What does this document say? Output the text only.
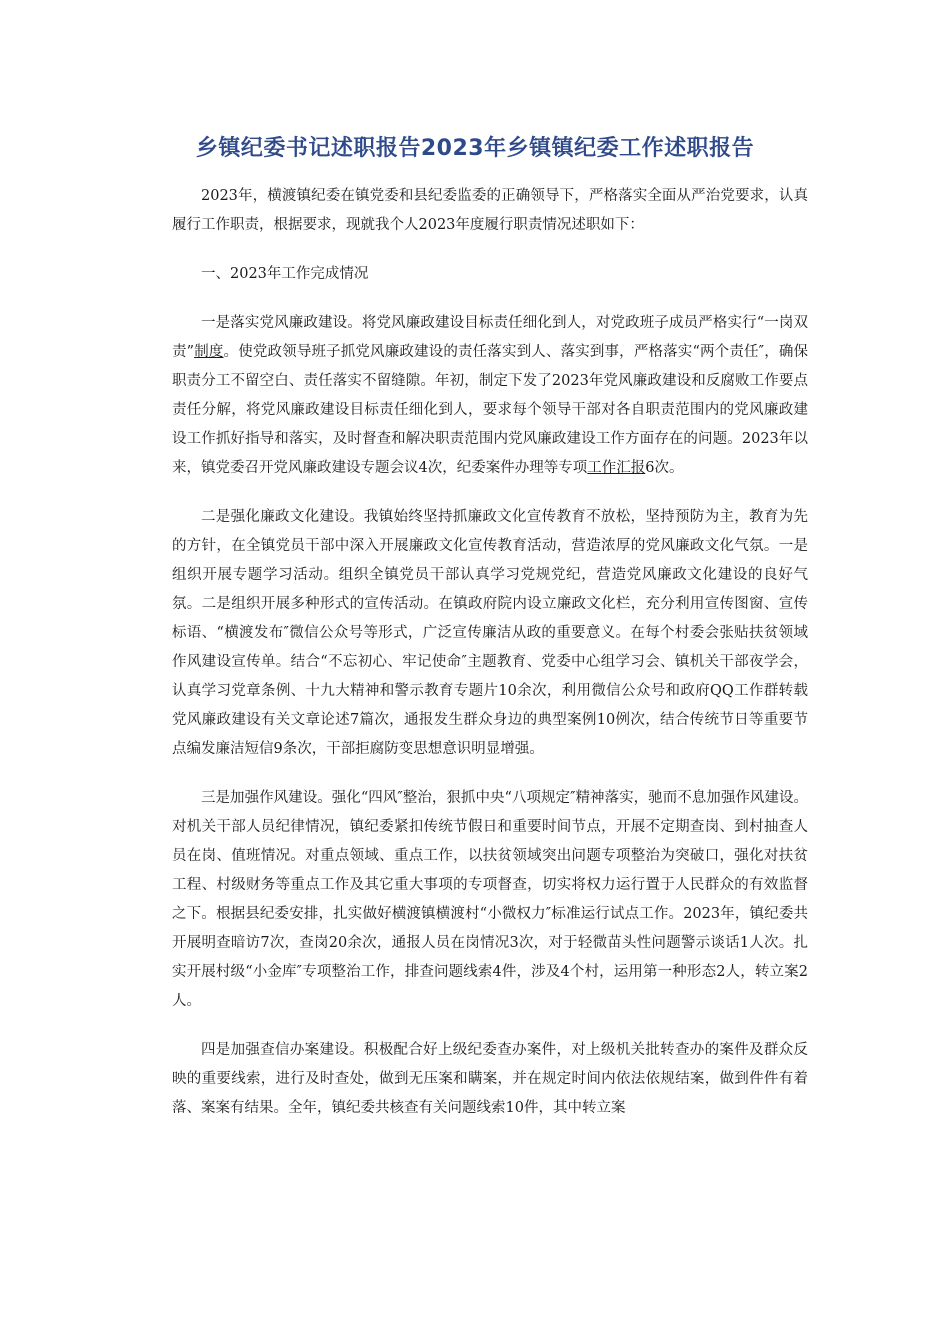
乡镇纪委书记述职报告2023年乡镇镇纪委工作述职报告

2023年，横渡镇纪委在镇党委和县纪委监委的正确领导下，严格落实全面从严治党要求，认真履行工作职责，根据要求，现就我个人2023年度履行职责情况述职如下：

一、2023年工作完成情况

一是落实党风廉政建设。将党风廉政建设目标责任细化到人，对党政班子成员严格实行“一岗双责”制度。使党政领导班子抓党风廉政建设的责任落实到人、落实到事，严格落实“两个责任″，确保职责分工不留空白、责任落实不留缝隙。年初，制定下发了2023年党风廉政建设和反腐败工作要点责任分解，将党风廉政建设目标责任细化到人，要求每个领导干部对各自职责范围内的党风廉政建设工作抓好指导和落实，及时督查和解决职责范围内党风廉政建设工作方面存在的问题。2023年以来，镇党委召开党风廉政建设专题会议4次，纪委案件办理等专项工作汇报6次。

二是强化廉政文化建设。我镇始终坚持抓廉政文化宣传教育不放松，坚持预防为主，教育为先的方针，在全镇党员干部中深入开展廉政文化宣传教育活动，营造浓厚的党风廉政文化气氛。一是组织开展专题学习活动。组织全镇党员干部认真学习党规党纪，营造党风廉政文化建设的良好气氛。二是组织开展多种形式的宣传活动。在镇政府院内设立廉政文化栏，充分利用宣传图窗、宣传标语、“横渡发布″微信公众号等形式，广泛宣传廉洁从政的重要意义。在每个村委会张贴扶贫领域作风建设宣传单。结合“不忘初心、牢记使命″主题教育、党委中心组学习会、镇机关干部夜学会，认真学习党章条例、十九大精神和警示教育专题片10余次，利用微信公众号和政府QQ工作群转载党风廉政建设有关文章论述7篇次，通报发生群众身边的典型案例10例次，结合传统节日等重要节点编发廉洁短信9条次，干部拒腐防变思想意识明显增强。

三是加强作风建设。强化“四风″整治，狠抓中央“八项规定″精神落实，驰而不息加强作风建设。对机关干部人员纪律情况，镇纪委紧扣传统节假日和重要时间节点，开展不定期查岗、到村抽查人员在岗、值班情况。对重点领域、重点工作，以扶贫领域突出问题专项整治为突破口，强化对扶贫工程、村级财务等重点工作及其它重大事项的专项督查，切实将权力运行置于人民群众的有效监督之下。根据县纪委安排，扎实做好横渡镇横渡村“小微权力″标准运行试点工作。2023年，镇纪委共开展明查暗访7次，查岗20余次，通报人员在岗情况3次，对于轻微苗头性问题警示谈话1人次。扎实开展村级“小金库″专项整治工作，排查问题线索4件，涉及4个村，运用第一种形态2人，转立案2人。

四是加强查信办案建设。积极配合好上级纪委查办案件，对上级机关批转查办的案件及群众反映的重要线索，进行及时查处，做到无压案和瞒案，并在规定时间内依法依规结案，做到件件有着落、案案有结果。全年，镇纪委共核查有关问题线索10件，其中转立案
